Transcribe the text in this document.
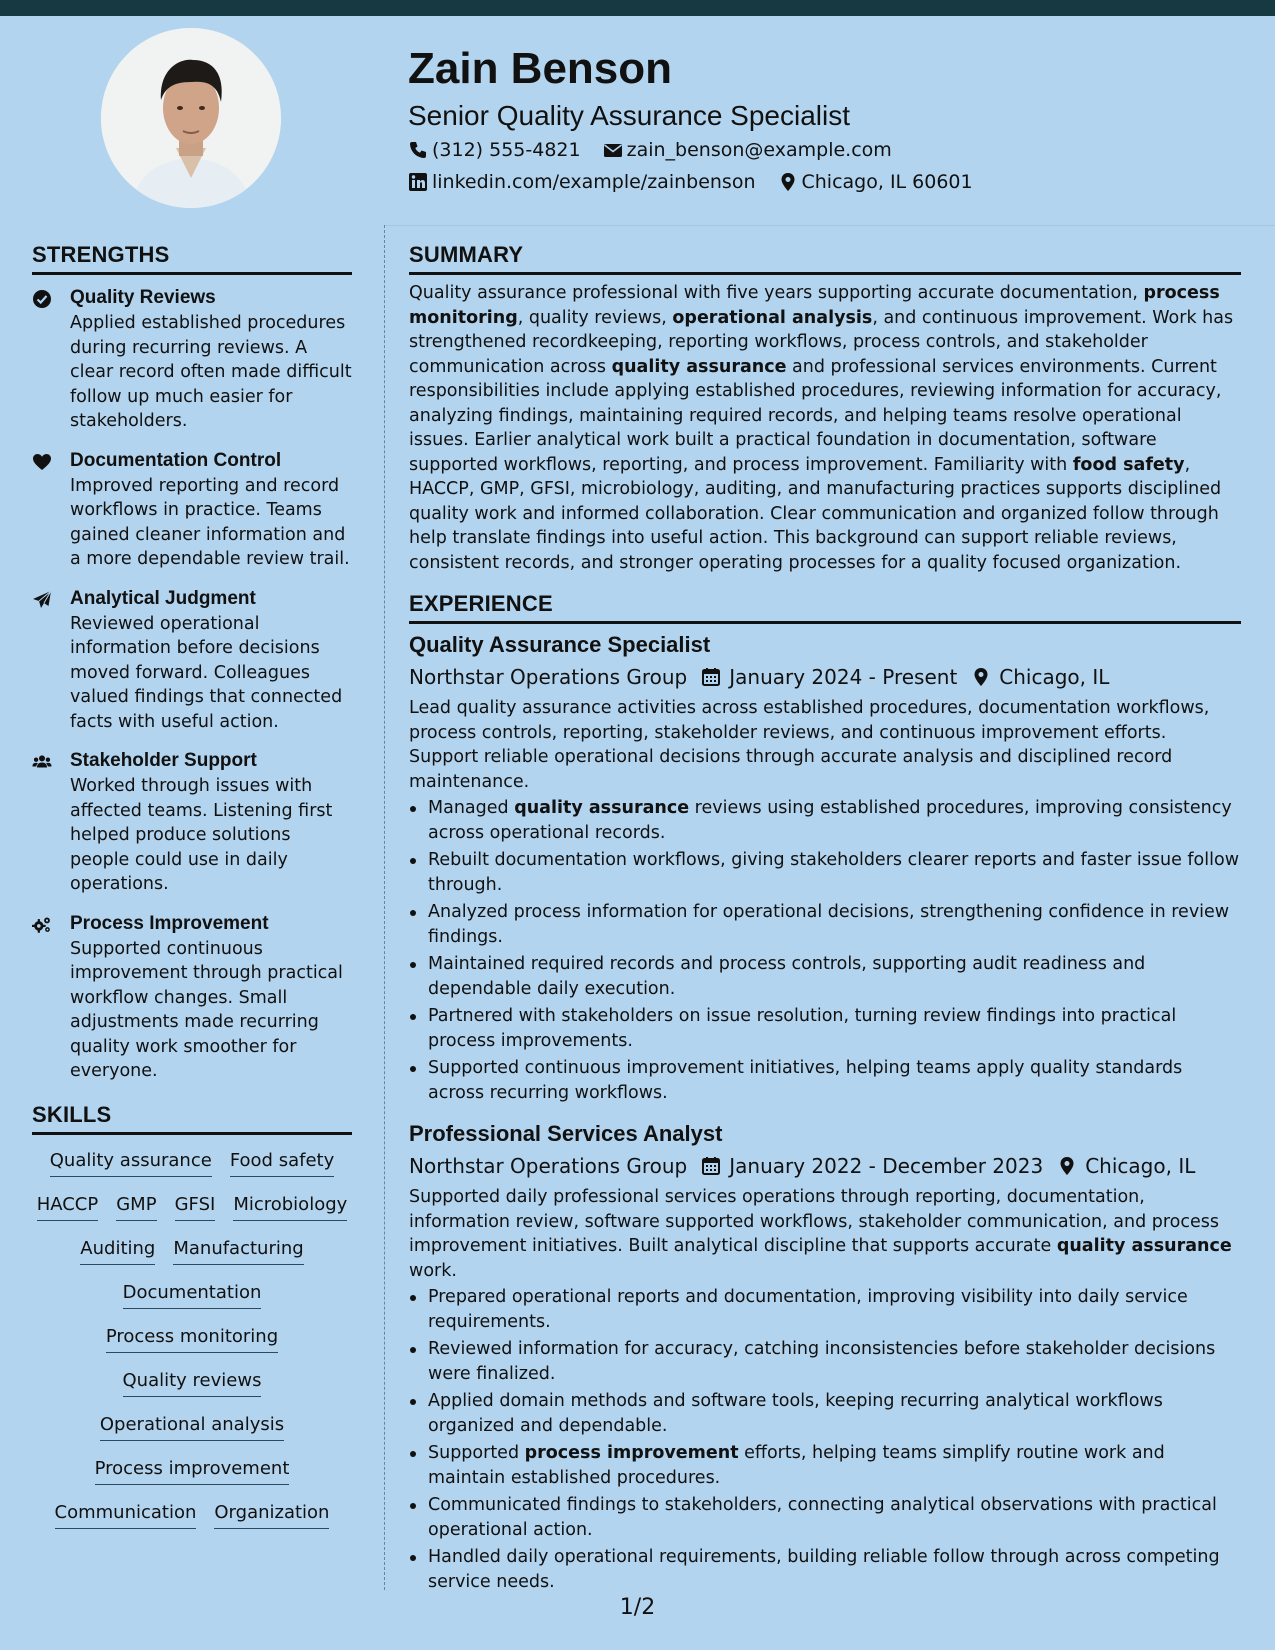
Zain Benson
Senior Quality Assurance Specialist
(312) 555-4821 zain_benson@example.com
linkedin.com/example/zainbenson Chicago, IL 60601
STRENGTHS
Quality Reviews
Applied established procedures during recurring reviews. A clear record often made difficult follow up much easier for stakeholders.
Documentation Control
Improved reporting and record workflows in practice. Teams gained cleaner information and a more dependable review trail.
Analytical Judgment
Reviewed operational information before decisions moved forward. Colleagues valued findings that connected facts with useful action.
Stakeholder Support
Worked through issues with affected teams. Listening first helped produce solutions people could use in daily operations.
Process Improvement
Supported continuous improvement through practical workflow changes. Small adjustments made recurring quality work smoother for everyone.
SKILLS
Quality assurance Food safety
HACCP GMP GFSI Microbiology
Auditing Manufacturing
Documentation
Process monitoring
Quality reviews
Operational analysis
Process improvement
Communication Organization
SUMMARY
Quality assurance professional with five years supporting accurate documentation, process monitoring, quality reviews, operational analysis, and continuous improvement. Work has strengthened recordkeeping, reporting workflows, process controls, and stakeholder communication across quality assurance and professional services environments. Current responsibilities include applying established procedures, reviewing information for accuracy, analyzing findings, maintaining required records, and helping teams resolve operational issues. Earlier analytical work built a practical foundation in documentation, software supported workflows, reporting, and process improvement. Familiarity with food safety, HACCP, GMP, GFSI, microbiology, auditing, and manufacturing practices supports disciplined quality work and informed collaboration. Clear communication and organized follow through help translate findings into useful action. This background can support reliable reviews, consistent records, and stronger operating processes for a quality focused organization.
EXPERIENCE
Quality Assurance Specialist
Northstar Operations Group January 2024 - Present Chicago, IL
Lead quality assurance activities across established procedures, documentation workflows, process controls, reporting, stakeholder reviews, and continuous improvement efforts. Support reliable operational decisions through accurate analysis and disciplined record maintenance.
Managed quality assurance reviews using established procedures, improving consistency across operational records.
Rebuilt documentation workflows, giving stakeholders clearer reports and faster issue follow through.
Analyzed process information for operational decisions, strengthening confidence in review findings.
Maintained required records and process controls, supporting audit readiness and dependable daily execution.
Partnered with stakeholders on issue resolution, turning review findings into practical process improvements.
Supported continuous improvement initiatives, helping teams apply quality standards across recurring workflows.
Professional Services Analyst
Northstar Operations Group January 2022 - December 2023 Chicago, IL
Supported daily professional services operations through reporting, documentation, information review, software supported workflows, stakeholder communication, and process improvement initiatives. Built analytical discipline that supports accurate quality assurance work.
Prepared operational reports and documentation, improving visibility into daily service requirements.
Reviewed information for accuracy, catching inconsistencies before stakeholder decisions were finalized.
Applied domain methods and software tools, keeping recurring analytical workflows organized and dependable.
Supported process improvement efforts, helping teams simplify routine work and maintain established procedures.
Communicated findings to stakeholders, connecting analytical observations with practical operational action.
Handled daily operational requirements, building reliable follow through across competing service needs.
1/2
